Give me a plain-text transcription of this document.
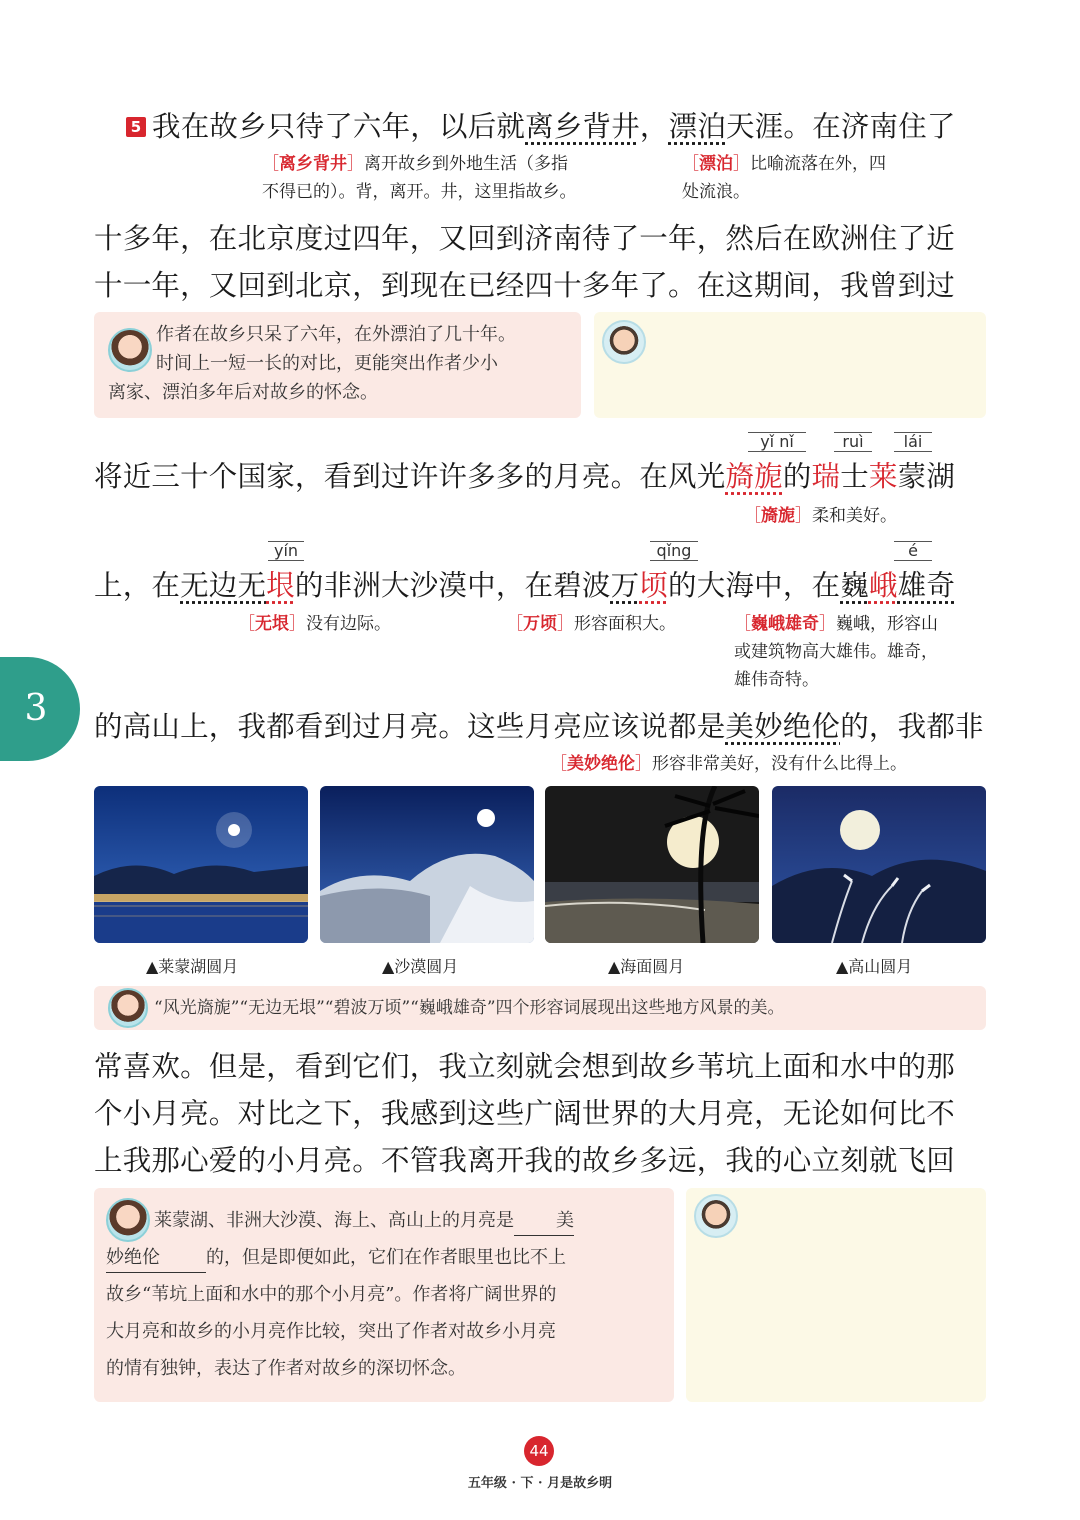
5 我在故乡只待了六年，以后就离乡背井，漂泊天涯。在济南住了
［离乡背井］离开故乡到外地生活（多指
不得已的）。背，离开。井，这里指故乡。
［漂泊］比喻流落在外，四
处流浪。
十多年，在北京度过四年，又回到济南待了一年，然后在欧洲住了近
十一年，又回到北京，到现在已经四十多年了。在这期间，我曾到过
作者在故乡只呆了六年，在外漂泊了几十年。
时间上一短一长的对比，更能突出作者少小
离家、漂泊多年后对故乡的怀念。
yǐ nǐ	ruì	lái
将近三十个国家，看到过许许多多的月亮。在风光旖旎的瑞士莱蒙湖
［旖旎］柔和美好。
yín	qǐng	é
上，在无边无垠的非洲大沙漠中，在碧波万顷的大海中，在巍峨雄奇
［无垠］没有边际。	［万顷］形容面积大。	［巍峨雄奇］巍峨，形容山
或建筑物高大雄伟。雄奇，
雄伟奇特。
3	的高山上，我都看到过月亮。这些月亮应该说都是美妙绝伦的，我都非
［美妙绝伦］形容非常美好，没有什么比得上。
▲莱蒙湖圆月	▲沙漠圆月	▲海面圆月	▲高山圆月
“风光旖旎”“无边无垠”“碧波万顷”“巍峨雄奇”四个形容词展现出这些地方风景的美。
常喜欢。但是，看到它们，我立刻就会想到故乡苇坑上面和水中的那
个小月亮。对比之下，我感到这些广阔世界的大月亮，无论如何比不
上我那心爱的小月亮。不管我离开我的故乡多远，我的心立刻就飞回
莱蒙湖、非洲大沙漠、海上、高山上的月亮是 美
妙绝伦	的，但是即便如此，它们在作者眼里也比不上
故乡“苇坑上面和水中的那个小月亮”。作者将广阔世界的
大月亮和故乡的小月亮作比较，突出了作者对故乡小月亮
的情有独钟，表达了作者对故乡的深切怀念。
44
五年级 · 下 · 月是故乡明
